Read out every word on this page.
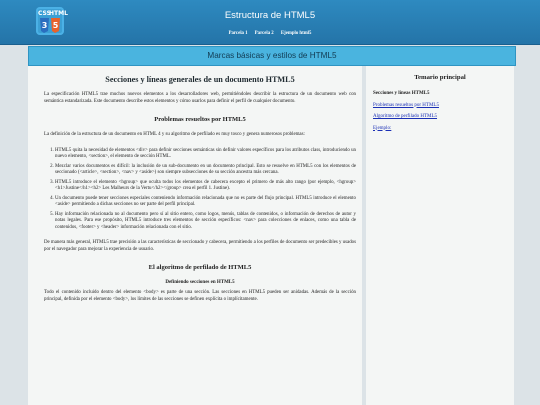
CSS
HTML
3 5
Estructura de HTML5
Parcela 1 Parcela 2 Ejemplo html5
Marcas básicas y estilos de HTML5
Secciones y líneas generales de un documento HTML5

La especificación HTML5 trae muchos nuevos elementos a los desarrolladores web, permitiéndoles describir la estructura de un documento web con semántica estandarizada. Este documento describe estos elementos y cómo usarlos para definir el perfil de cualquier documento.

Problemas resueltos por HTML5

La definición de la estructura de un documento en HTML 4 y su algoritmo de perfilado es muy tosco y genera numerosos problemas:

1. HTML5 quita la necesidad de elementos <div> para definir secciones semánticas sin definir valores específicos para los atributos class, introduciendo un nuevo elemento, <section>, el elemento de sección HTML.
2. Mezclar varios documentos es difícil: la inclusión de un sub-documento en un documento principal. Esto se resuelve en HTML5 con los elementos de seccionado (<article>, <section>, <nav> y <aside>) son siempre subsecciones de su sección ancestra más cercana.
3. HTML5 introduce el elemento <hgroup> que oculta todos los elementos de cabecera excepto el primero de más alto rango (por ejemplo, <hgroup><h1>Justine</h1><h2> Les Malheurs de la Vertu</h2></group> crea el perfil 1. Justine).
4. Un documento puede tener secciones especiales conteniendo información relacionada que no es parte del flujo principal. HTML5 introduce el elemento <aside> permitiendo a dichas secciones no ser parte del perfil principal.
5. Hay información relacionada no al documento pero sí al sitio entero, como logos, menús, tablas de contenidos, o información de derechos de autor y notas legales. Para ese propósito, HTML5 introduce tres elementos de sección específicos: <nav> para colecciones de enlaces, como una tabla de contenidos, <footer> y <header> información relacionada con el sitio.

De manera más general, HTML5 trae precisión a las características de seccionado y cabecera, permitiendo a los perfiles de documento ser predecibles y usados por el navegador para mejorar la experiencia de usuario.

El algoritmo de perfilado de HTML5
Definiendo secciones en HTML5

Todo el contenido incluido dentro del elemento <body> es parte de una sección. Las secciones en HTML5 pueden ser anidadas. Además de la sección principal, definida por el elemento <body>, los límites de las secciones se definen explícita o implícitamente.

Temario principal
Secciones y líneas HTML5
Problemas resueltos por HTML5
Algoritmo de perfilado HTML5
Ejemplo:
